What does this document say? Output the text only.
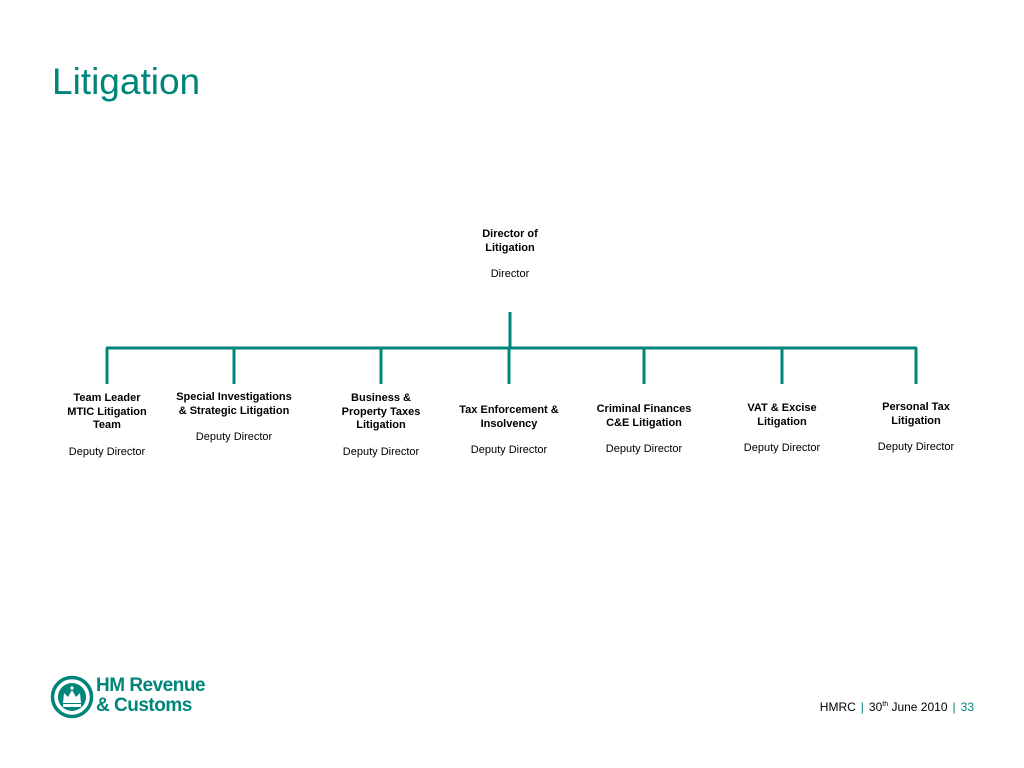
Litigation
Director of Litigation
Director
Team Leader MTIC Litigation Team
Deputy Director
Special Investigations & Strategic Litigation
Deputy Director
Business & Property Taxes Litigation
Deputy Director
Tax Enforcement & Insolvency
Deputy Director
Criminal Finances C&E Litigation
Deputy Director
VAT & Excise Litigation
Deputy Director
Personal Tax Litigation
Deputy Director
HM Revenue
& Customs	HMRC | 30th June 2010 | 33
